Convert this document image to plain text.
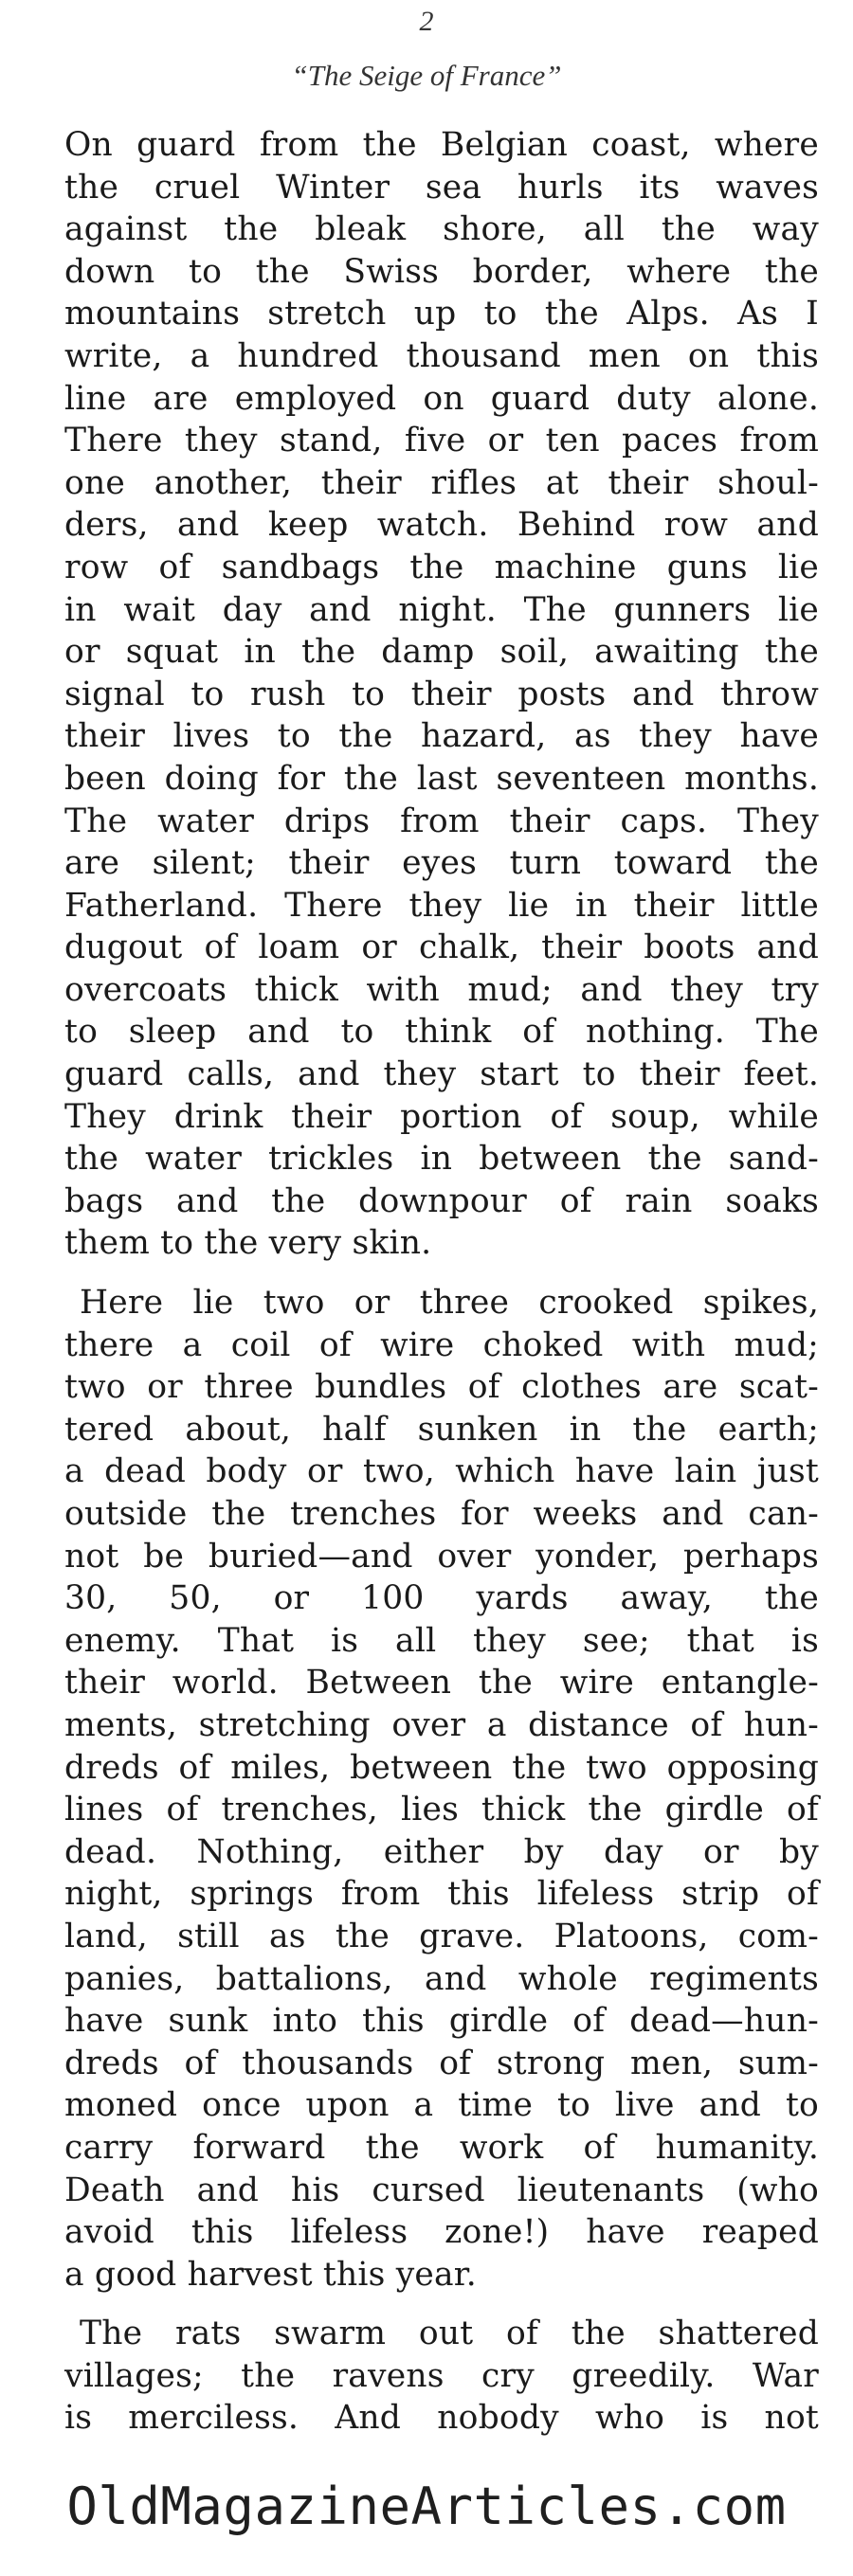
2
“The Seige of France”
On guard from the Belgian coast, where
the cruel Winter sea hurls its waves
against the bleak shore, all the way
down to the Swiss border, where the
mountains stretch up to the Alps. As I
write, a hundred thousand men on this
line are employed on guard duty alone.
There they stand, five or ten paces from
one another, their rifles at their shoul-
ders, and keep watch. Behind row and
row of sandbags the machine guns lie
in wait day and night. The gunners lie
or squat in the damp soil, awaiting the
signal to rush to their posts and throw
their lives to the hazard, as they have
been doing for the last seventeen months.
The water drips from their caps. They
are silent; their eyes turn toward the
Fatherland. There they lie in their little
dugout of loam or chalk, their boots and
overcoats thick with mud; and they try
to sleep and to think of nothing. The
guard calls, and they start to their feet.
They drink their portion of soup, while
the water trickles in between the sand-
bags and the downpour of rain soaks
them to the very skin.
Here lie two or three crooked spikes,
there a coil of wire choked with mud;
two or three bundles of clothes are scat-
tered about, half sunken in the earth;
a dead body or two, which have lain just
outside the trenches for weeks and can-
not be buried—and over yonder, perhaps
30, 50, or 100 yards away, the
enemy. That is all they see; that is
their world. Between the wire entangle-
ments, stretching over a distance of hun-
dreds of miles, between the two opposing
lines of trenches, lies thick the girdle of
dead. Nothing, either by day or by
night, springs from this lifeless strip of
land, still as the grave. Platoons, com-
panies, battalions, and whole regiments
have sunk into this girdle of dead—hun-
dreds of thousands of strong men, sum-
moned once upon a time to live and to
carry forward the work of humanity.
Death and his cursed lieutenants (who
avoid this lifeless zone!) have reaped
a good harvest this year.
The rats swarm out of the shattered
villages; the ravens cry greedily. War
is merciless. And nobody who is not
OldMagazineArticles.com
